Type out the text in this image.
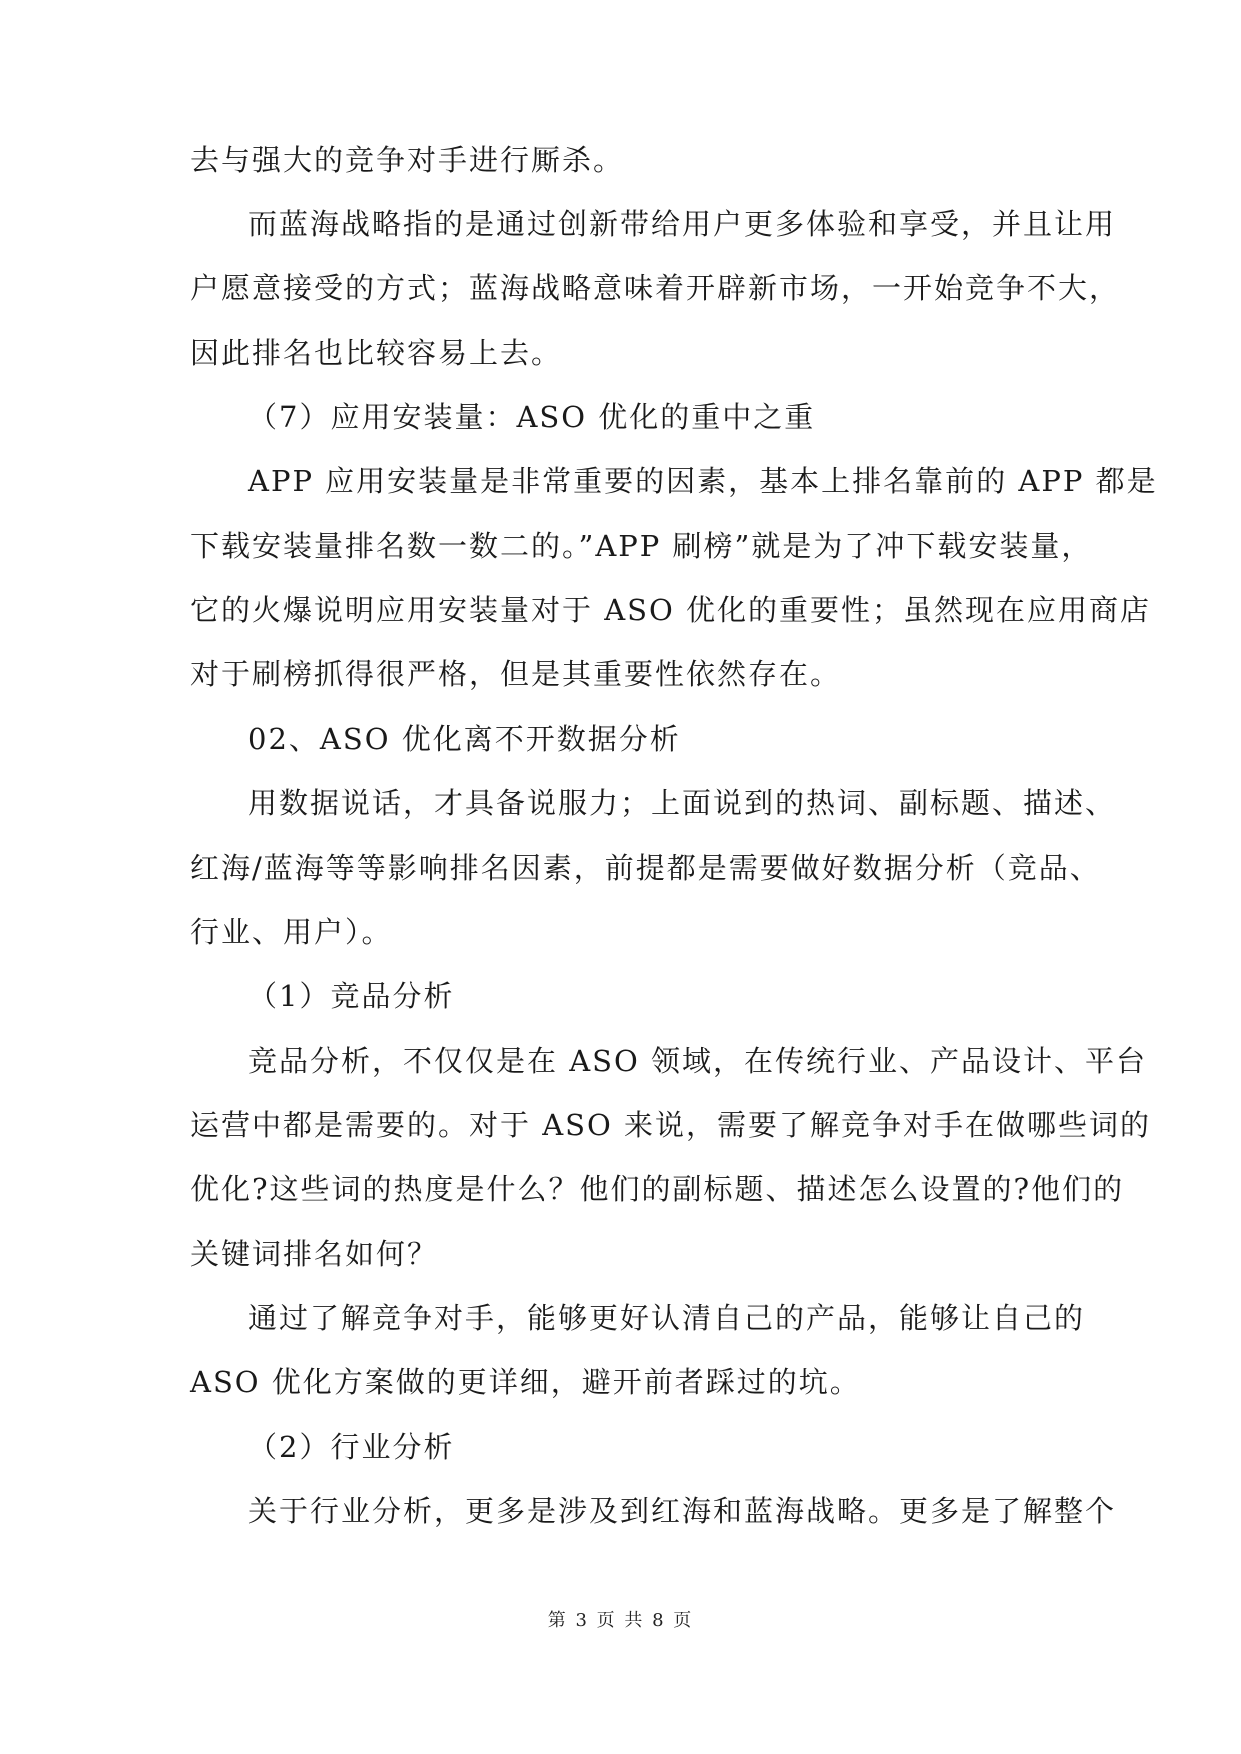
去与强大的竞争对手进行厮杀。
而蓝海战略指的是通过创新带给用户更多体验和享受，并且让用
户愿意接受的方式；蓝海战略意味着开辟新市场，一开始竞争不大，
因此排名也比较容易上去。
（7）应用安装量：ASO 优化的重中之重
APP 应用安装量是非常重要的因素，基本上排名靠前的 APP 都是
下载安装量排名数一数二的。”APP 刷榜”就是为了冲下载安装量，
它的火爆说明应用安装量对于 ASO 优化的重要性；虽然现在应用商店
对于刷榜抓得很严格，但是其重要性依然存在。
02、ASO 优化离不开数据分析
用数据说话，才具备说服力；上面说到的热词、副标题、描述、
红海/蓝海等等影响排名因素，前提都是需要做好数据分析（竞品、
行业、用户）。
（1）竞品分析
竞品分析，不仅仅是在 ASO 领域，在传统行业、产品设计、平台
运营中都是需要的。对于 ASO 来说，需要了解竞争对手在做哪些词的
优化?这些词的热度是什么？他们的副标题、描述怎么设置的?他们的
关键词排名如何？
通过了解竞争对手，能够更好认清自己的产品，能够让自己的
ASO 优化方案做的更详细，避开前者踩过的坑。
（2）行业分析
关于行业分析，更多是涉及到红海和蓝海战略。更多是了解整个
第 3 页 共 8 页
